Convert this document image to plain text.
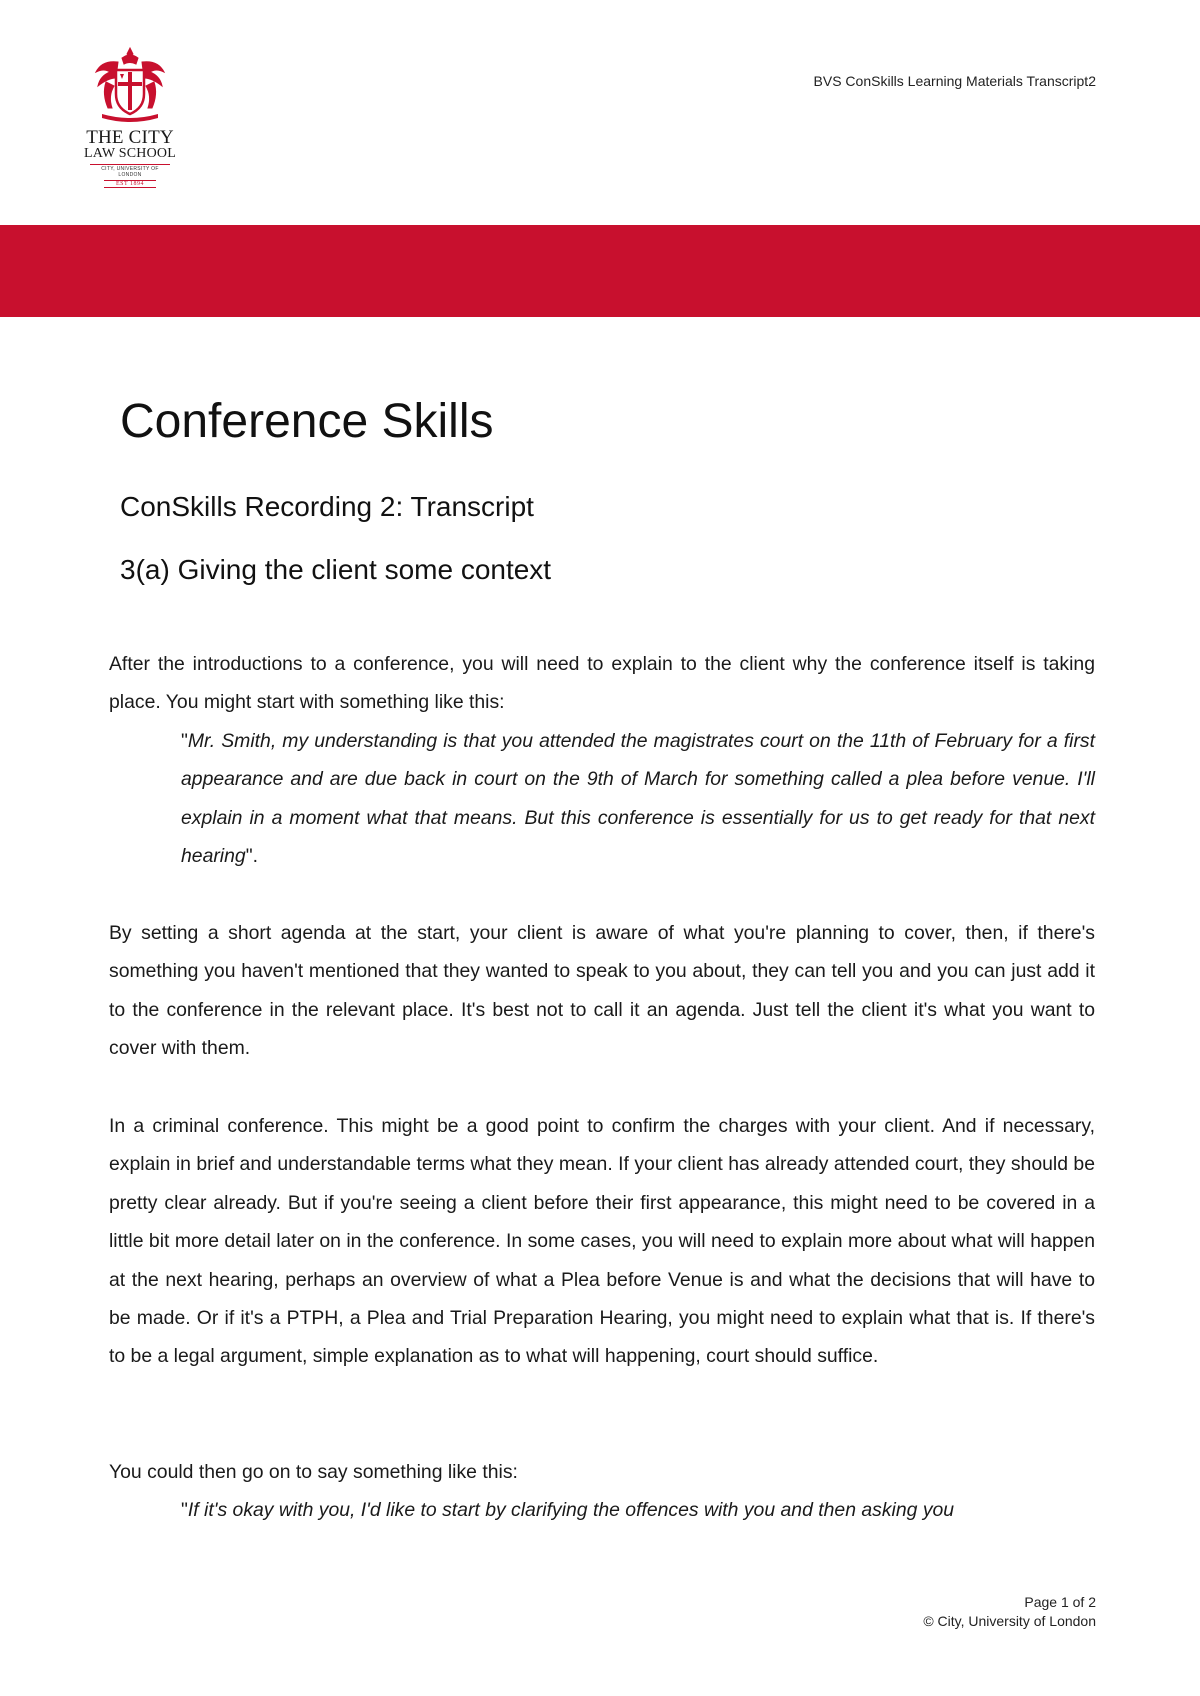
THE CITY
LAW SCHOOL
CITY, UNIVERSITY OF LONDON
EST 1894
BVS ConSkills Learning Materials Transcript2
Conference Skills
ConSkills Recording 2: Transcript
3(a) Giving the client some context

After the introductions to a conference, you will need to explain to the client why the conference itself is taking place. You might start with something like this:

"Mr. Smith, my understanding is that you attended the magistrates court on the 11th of February for a first appearance and are due back in court on the 9th of March for something called a plea before venue. I'll explain in a moment what that means. But this conference is essentially for us to get ready for that next hearing".

By setting a short agenda at the start, your client is aware of what you're planning to cover, then, if there's something you haven't mentioned that they wanted to speak to you about, they can tell you and you can just add it to the conference in the relevant place. It's best not to call it an agenda. Just tell the client it's what you want to cover with them.

In a criminal conference. This might be a good point to confirm the charges with your client. And if necessary, explain in brief and understandable terms what they mean. If your client has already attended court, they should be pretty clear already. But if you're seeing a client before their first appearance, this might need to be covered in a little bit more detail later on in the conference. In some cases, you will need to explain more about what will happen at the next hearing, perhaps an overview of what a Plea before Venue is and what the decisions that will have to be made. Or if it's a PTPH, a Plea and Trial Preparation Hearing, you might need to explain what that is. If there's to be a legal argument, simple explanation as to what will happening, court should suffice.

You could then go on to say something like this:

"If it's okay with you, I'd like to start by clarifying the offences with you and then asking you

Page 1 of 2
© City, University of London
